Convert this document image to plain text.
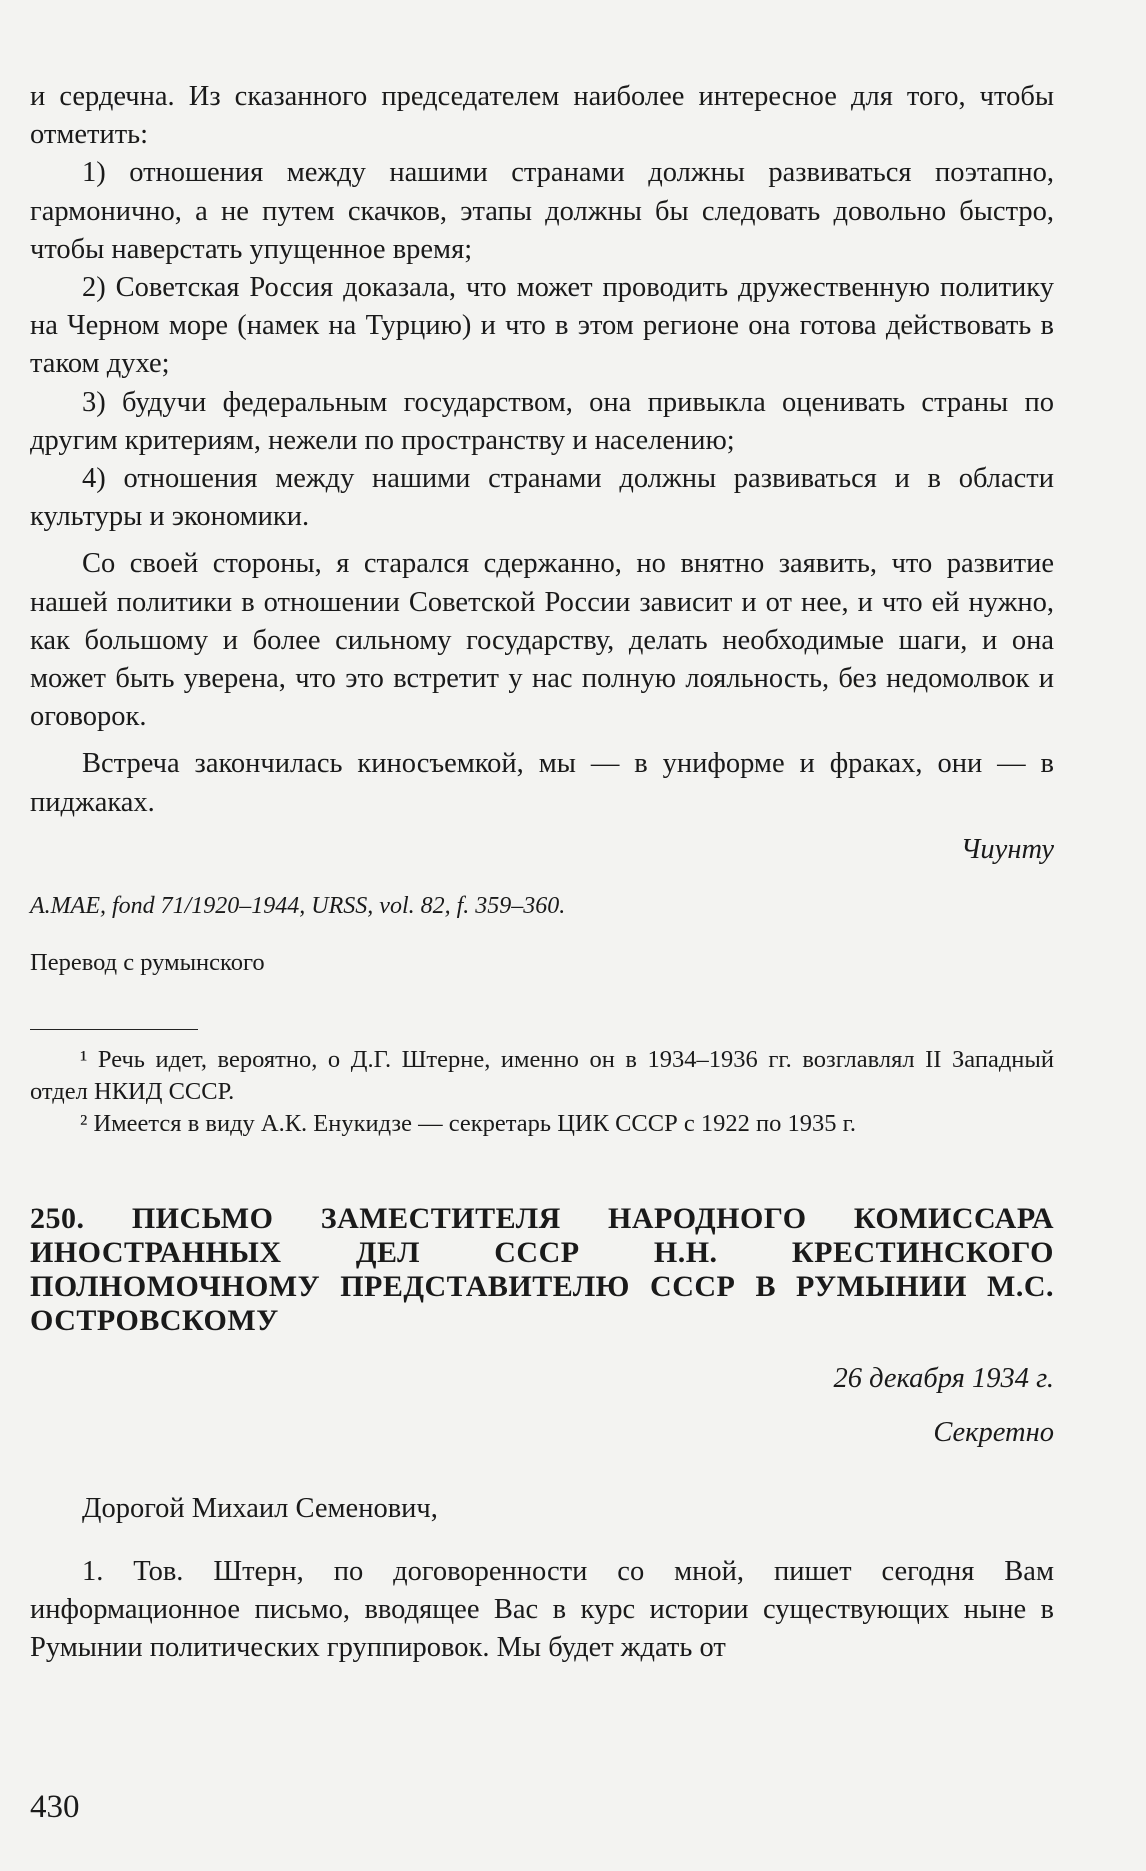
и сердечна. Из сказанного председателем наиболее интересное для того, чтобы отметить:

1) отношения между нашими странами должны развиваться поэтапно, гармонично, а не путем скачков, этапы должны бы следовать довольно быстро, чтобы наверстать упущенное время;

2) Советская Россия доказала, что может проводить дружественную политику на Черном море (намек на Турцию) и что в этом регионе она готова действовать в таком духе;

3) будучи федеральным государством, она привыкла оценивать страны по другим критериям, нежели по пространству и населению;

4) отношения между нашими странами должны развиваться и в области культуры и экономики.

Со своей стороны, я старался сдержанно, но внятно заявить, что развитие нашей политики в отношении Советской России зависит и от нее, и что ей нужно, как большому и более сильному государству, делать необходимые шаги, и она может быть уверена, что это встретит у нас полную лояльность, без недомолвок и оговорок.

Встреча закончилась киносъемкой, мы — в униформе и фраках, они — в пиджаках.

Чиунту

A.MAE, fond 71/1920–1944, URSS, vol. 82, f. 359–360.

Перевод с румынского

¹ Речь идет, вероятно, о Д.Г. Штерне, именно он в 1934–1936 гг. возглавлял II Западный отдел НКИД СССР.

² Имеется в виду А.К. Енукидзе — секретарь ЦИК СССР с 1922 по 1935 г.

250. ПИСЬМО ЗАМЕСТИТЕЛЯ НАРОДНОГО КОМИССАРА ИНОСТРАННЫХ ДЕЛ СССР Н.Н. КРЕСТИНСКОГО ПОЛНОМОЧНОМУ ПРЕДСТАВИТЕЛЮ СССР В РУМЫНИИ М.С. ОСТРОВСКОМУ

26 декабря 1934 г.

Секретно

Дорогой Михаил Семенович,

1. Тов. Штерн, по договоренности со мной, пишет сегодня Вам информационное письмо, вводящее Вас в курс истории существующих ныне в Румынии политических группировок. Мы будет ждать от

430
